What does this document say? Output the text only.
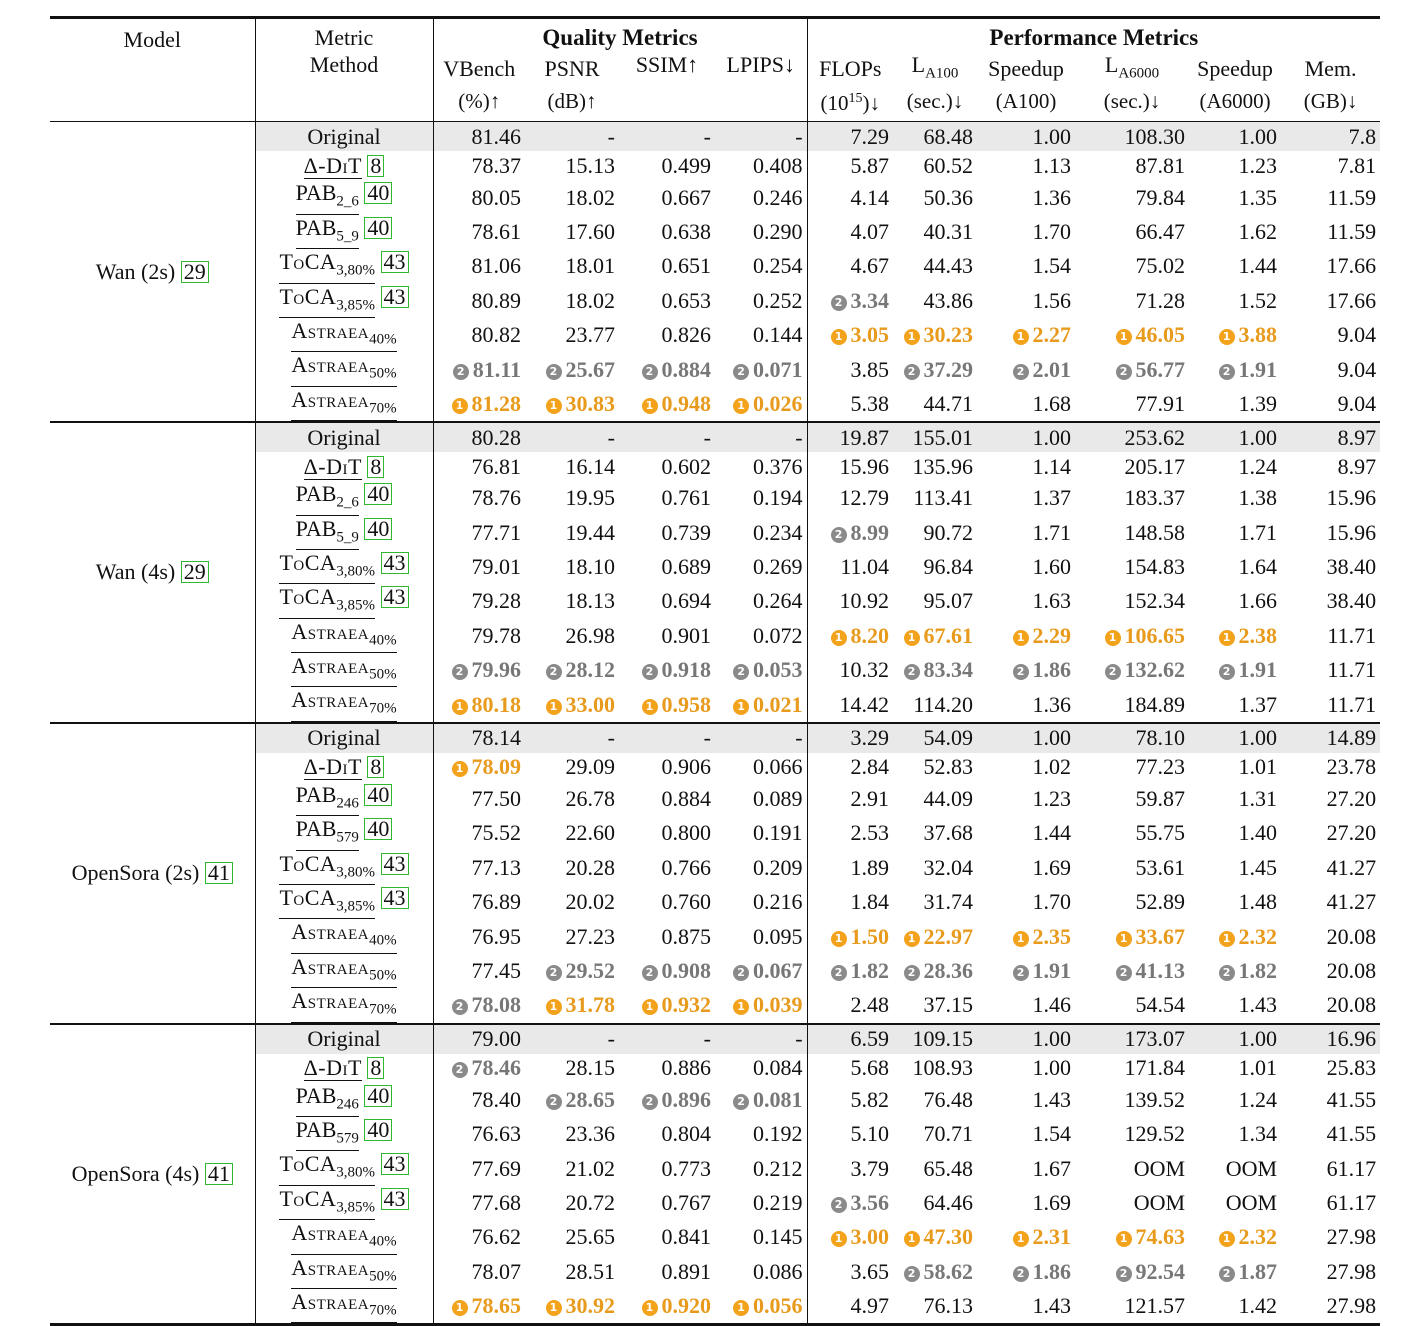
Model	Metric	Quality Metrics				Performance Metrics					
	Method	VBench	PSNR	SSIM↑	LPIPS↓	FLOPs	$L_{A100}$	Speedup	$L_{A6000}$	Speedup	Mem.
		(%)↑	(dB)↑			$(10^{15})↓$	(sec.)↓	(A100)	(sec.)↓	(A6000)	(GB)↓
Wan (2s) 29	Original	81.46	-	-	-	7.29	68.48	1.00	108.30	1.00	7.8
	Δ-DiT 8	78.37	15.13	0.499	0.408	5.87	60.52	1.13	87.81	1.23	7.81
	$PAB_{2\_6}$ 40	80.05	18.02	0.667	0.246	4.14	50.36	1.36	79.84	1.35	11.59
	$PAB_{5\_9}$ 40	78.61	17.60	0.638	0.290	4.07	40.31	1.70	66.47	1.62	11.59
	ToCA$_{3,80\%}$ 43	81.06	18.01	0.651	0.254	4.67	44.43	1.54	75.02	1.44	17.66
	ToCA$_{3,85\%}$ 43	80.89	18.02	0.653	0.252	2 3.34	43.86	1.56	71.28	1.52	17.66
	Astraea$_{40\%}$	80.82	23.77	0.826	0.144	1 3.05	1 30.23	1 2.27	1 46.05	1 3.88	9.04
	Astraea$_{50\%}$	2 81.11	2 25.67	2 0.884	2 0.071	3.85	2 37.29	2 2.01	2 56.77	2 1.91	9.04
	Astraea$_{70\%}$	1 81.28	1 30.83	1 0.948	1 0.026	5.38	44.71	1.68	77.91	1.39	9.04
Wan (4s) 29	Original	80.28	-	-	-	19.87	155.01	1.00	253.62	1.00	8.97
	Δ-DiT 8	76.81	16.14	0.602	0.376	15.96	135.96	1.14	205.17	1.24	8.97
	$PAB_{2\_6}$ 40	78.76	19.95	0.761	0.194	12.79	113.41	1.37	183.37	1.38	15.96
	$PAB_{5\_9}$ 40	77.71	19.44	0.739	0.234	2 8.99	90.72	1.71	148.58	1.71	15.96
	ToCA$_{3,80\%}$ 43	79.01	18.10	0.689	0.269	11.04	96.84	1.60	154.83	1.64	38.40
	ToCA$_{3,85\%}$ 43	79.28	18.13	0.694	0.264	10.92	95.07	1.63	152.34	1.66	38.40
	Astraea$_{40\%}$	79.78	26.98	0.901	0.072	1 8.20	1 67.61	1 2.29	1 106.65	1 2.38	11.71
	Astraea$_{50\%}$	2 79.96	2 28.12	2 0.918	2 0.053	10.32	2 83.34	2 1.86	2 132.62	2 1.91	11.71
	Astraea$_{70\%}$	1 80.18	1 33.00	1 0.958	1 0.021	14.42	114.20	1.36	184.89	1.37	11.71
OpenSora (2s) 41	Original	78.14	-	-	-	3.29	54.09	1.00	78.10	1.00	14.89
	Δ-DiT 8	1 78.09	29.09	0.906	0.066	2.84	52.83	1.02	77.23	1.01	23.78
	$PAB_{246}$ 40	77.50	26.78	0.884	0.089	2.91	44.09	1.23	59.87	1.31	27.20
	$PAB_{579}$ 40	75.52	22.60	0.800	0.191	2.53	37.68	1.44	55.75	1.40	27.20
	ToCA$_{3,80\%}$ 43	77.13	20.28	0.766	0.209	1.89	32.04	1.69	53.61	1.45	41.27
	ToCA$_{3,85\%}$ 43	76.89	20.02	0.760	0.216	1.84	31.74	1.70	52.89	1.48	41.27
	Astraea$_{40\%}$	76.95	27.23	0.875	0.095	1 1.50	1 22.97	1 2.35	1 33.67	1 2.32	20.08
	Astraea$_{50\%}$	77.45	2 29.52	2 0.908	2 0.067	2 1.82	2 28.36	2 1.91	2 41.13	2 1.82	20.08
	Astraea$_{70\%}$	2 78.08	1 31.78	1 0.932	1 0.039	2.48	37.15	1.46	54.54	1.43	20.08
OpenSora (4s) 41	Original	79.00	-	-	-	6.59	109.15	1.00	173.07	1.00	16.96
	Δ-DiT 8	2 78.46	28.15	0.886	0.084	5.68	108.93	1.00	171.84	1.01	25.83
	$PAB_{246}$ 40	78.40	2 28.65	2 0.896	2 0.081	5.82	76.48	1.43	139.52	1.24	41.55
	$PAB_{579}$ 40	76.63	23.36	0.804	0.192	5.10	70.71	1.54	129.52	1.34	41.55
	ToCA$_{3,80\%}$ 43	77.69	21.02	0.773	0.212	3.79	65.48	1.67	OOM	OOM	61.17
	ToCA$_{3,85\%}$ 43	77.68	20.72	0.767	0.219	2 3.56	64.46	1.69	OOM	OOM	61.17
	Astraea$_{40\%}$	76.62	25.65	0.841	0.145	1 3.00	1 47.30	1 2.31	1 74.63	1 2.32	27.98
	Astraea$_{50\%}$	78.07	28.51	0.891	0.086	3.65	2 58.62	2 1.86	2 92.54	2 1.87	27.98
	Astraea$_{70\%}$	1 78.65	1 30.92	1 0.920	1 0.056	4.97	76.13	1.43	121.57	1.42	27.98
